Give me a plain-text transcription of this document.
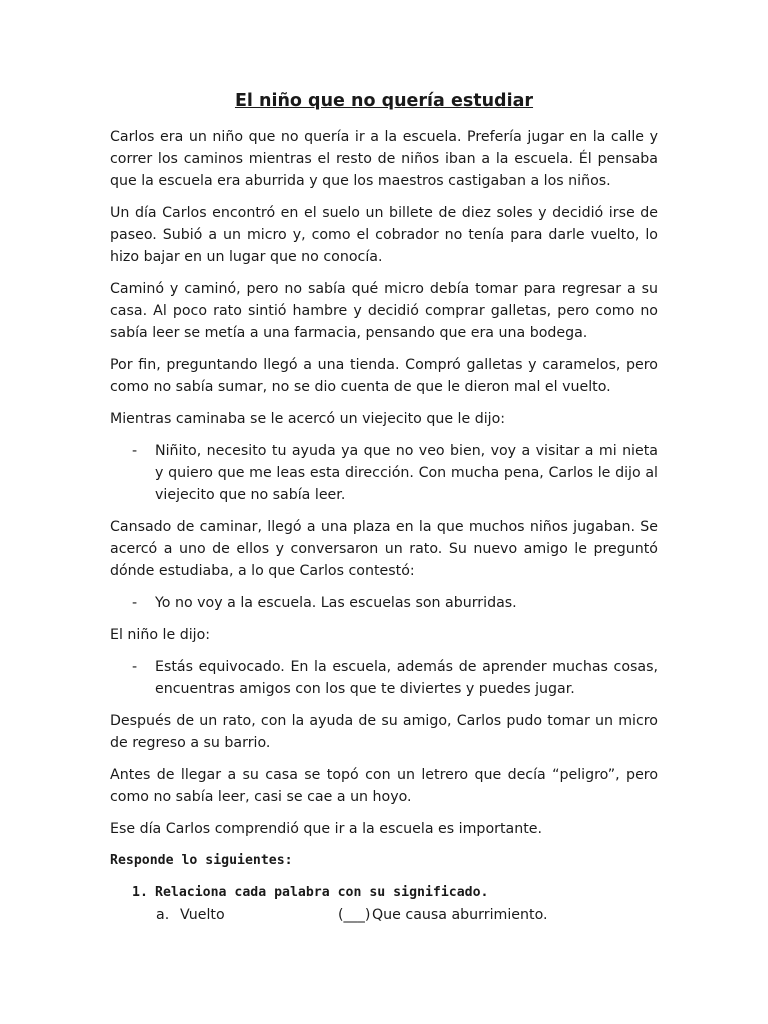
El niño que no quería estudiar

Carlos era un niño que no quería ir a la escuela. Prefería jugar en la calle y correr los caminos mientras el resto de niños iban a la escuela. Él pensaba que la escuela era aburrida y que los maestros castigaban a los niños.

Un día Carlos encontró en el suelo un billete de diez soles y decidió irse de paseo. Subió a un micro y, como el cobrador no tenía para darle vuelto, lo hizo bajar en un lugar que no conocía.

Caminó y caminó, pero no sabía qué micro debía tomar para regresar a su casa. Al poco rato sintió hambre y decidió comprar galletas, pero como no sabía leer se metía a una farmacia, pensando que era una bodega.

Por fin, preguntando llegó a una tienda. Compró galletas y caramelos, pero como no sabía sumar, no se dio cuenta de que le dieron mal el vuelto.

Mientras caminaba se le acercó un viejecito que le dijo:

- Niñito, necesito tu ayuda ya que no veo bien, voy a visitar a mi nieta y quiero que me leas esta dirección. Con mucha pena, Carlos le dijo al viejecito que no sabía leer.

Cansado de caminar, llegó a una plaza en la que muchos niños jugaban. Se acercó a uno de ellos y conversaron un rato. Su nuevo amigo le preguntó dónde estudiaba, a lo que Carlos contestó:

- Yo no voy a la escuela. Las escuelas son aburridas.

El niño le dijo:

- Estás equivocado. En la escuela, además de aprender muchas cosas, encuentras amigos con los que te diviertes y puedes jugar.

Después de un rato, con la ayuda de su amigo, Carlos pudo tomar un micro de regreso a su barrio.

Antes de llegar a su casa se topó con un letrero que decía “peligro”, pero como no sabía leer, casi se cae a un hoyo.

Ese día Carlos comprendió que ir a la escuela es importante.

Responde lo siguientes:
1. Relaciona cada palabra con su significado.
a. Vuelto	(___) Que causa aburrimiento.
